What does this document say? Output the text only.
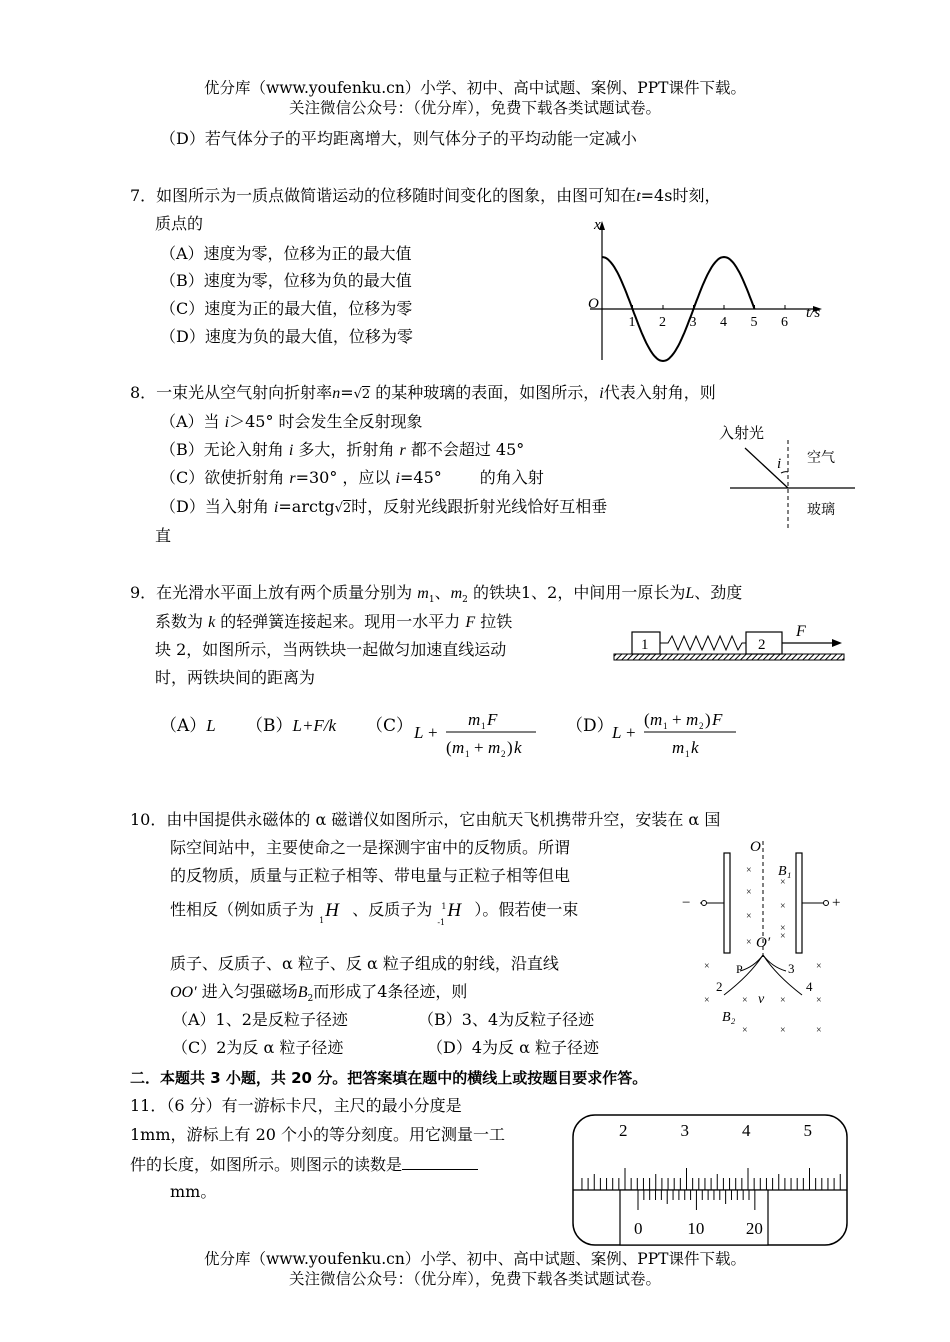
优分库（www.youfenku.cn）小学、初中、高中试题、案例、PPT课件下载。
关注微信公众号：（优分库），免费下载各类试题试卷。
（D）若气体分子的平均距离增大，则气体分子的平均动能一定减小
7．如图所示为一质点做简谐运动的位移随时间变化的图象，由图可知在t=4s时刻，
质点的
（A）速度为零，位移为正的最大值
（B）速度为零，位移为负的最大值
（C）速度为正的最大值，位移为零
（D）速度为负的最大值，位移为零
x
O
t/s
1 2 3 4 5 6
8．一束光从空气射向折射率n=√2 的某种玻璃的表面，如图所示，i代表入射角，则
（A）当 i＞45° 时会发生全反射现象
（B）无论入射角 i 多大，折射角 r 都不会超过 45°
（C）欲使折射角 r=30° ，应以 i=45° 的角入射
（D）当入射角 i=arctg√2时，反射光线跟折射光线恰好互相垂
直
入射光
空气
玻璃
i
9．在光滑水平面上放有两个质量分别为 $m_1$、$m_2$ 的铁块1、2，中间用一原长为L、劲度
系数为 k 的轻弹簧连接起来。现用一水平力 F 拉铁
块 2，如图所示，当两铁块一起做匀加速直线运动
时，两铁块间的距离为
1	2
F
（A）L （B）L+F/k （C） L +
m 1 F
( m 1 + m 2 ) k
（D）
L +
( m 1 + m 2 ) F
m 1 k
10．由中国提供永磁体的 α 磁谱仪如图所示，它由航天飞机携带升空，安装在 α 国
际空间站中，主要使命之一是探测宇宙中的反物质。所谓
的反物质，质量与正粒子相等、带电量与正粒子相等但电
性相反（例如质子为
1 H 、反质子为
-1
1 H ）。假若使一束
质子、反质子、α 粒子、反 α 粒子组成的射线，沿直线
OO′ 进入匀强磁场$B_2$而形成了4条径迹，则
（A）1、2是反粒子径迹	（B）3、4为反粒子径迹
（C）2为反 α 粒子径迹	（D）4为反 α 粒子径迹
−	+
O
B₁
O′
×
×
×
×
×
×
×
×
×	×
×	×	×	×
×	×	×
P	3
2	4
v
B₂
二．本题共 3 小题，共 20 分。把答案填在题中的横线上或按题目要求作答。
11．（6 分）有一游标卡尺，主尺的最小分度是
1mm，游标上有 20 个小的等分刻度。用它测量一工
件的长度，如图所示。则图示的读数是
mm。
2	3	4	5
0	10 20
优分库（www.youfenku.cn）小学、初中、高中试题、案例、PPT课件下载。
关注微信公众号：（优分库），免费下载各类试题试卷。
